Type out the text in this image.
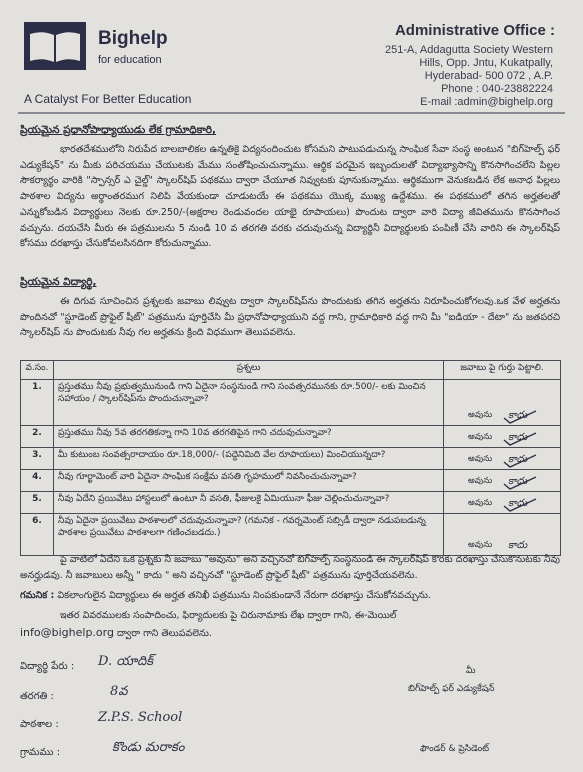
Bighelp
for education
A Catalyst For Better Education
Administrative Office :
251-A, Addagutta Society Western
Hills, Opp. Jntu, Kukatpally,
Hyderabad- 500 072 , A.P.
Phone : 040-23882224
E-mail :admin@bighelp.org
ప్రియమైన ప్రధానోపాధ్యాయుడు లేక గ్రామాధికారి,
భారతదేశములోని నిరుపేద బాలబాలికల ఉన్నతికై విద్యనందించుట కోసమని పాటుపడుచున్న సాంఘిక సేవా సంస్థ అంటున "బిగ్‌హెల్ప్ ఫర్ ఎడ్యుకేషన్" ను మీకు పరిచయము చేయుటకు మేము సంతోషించుచున్నాము. ఆర్థిక పరమైన ఇబ్బందులతో విద్యాభ్యాసాన్ని కొనసాగించలేని పిల్లల సౌకర్యార్థం వారికి "స్పాన్సర్ ఎ చైల్డ్" స్కాలర్‌షిప్ పథకము ద్వారా చేయూత నివ్వుటకు పూనుకున్నాము. ఆర్థికముగా వెనుకబడిన లేక అనాధ పిల్లలు పాఠశాల విద్యను అర్థాంతరముగ నిలిపి వేయకుండా చూడుటయే ఈ పథకము యొక్క ముఖ్య ఉద్దేశము. ఈ పథకములో తగిన అర్హతలతో ఎన్నుకోబడిన విద్యార్థులు నెలకు రూ.250/-(అక్షరాల రెండువందల యాభై రూపాయలు) పొందుట ద్వారా వారి విద్యా జీవితమును కొనసాగించ వచ్చును. దయచేసి మీరు ఈ పత్రములను 5 నుండి 10 వ తరగతి వరకు చదువుచున్న విద్యార్థినీ విద్యార్థులకు పంపిణీ చేసి వారిని ఈ స్కాలర్‌షిప్ కోసము దరఖాస్తు చేసుకోవలసినదిగా కోరుచున్నాము.
ప్రియమైన విద్యార్థి,
ఈ దిగువ సూచించిన ప్రశ్నలకు జవాబు లివ్వుట ద్వారా స్కాలర్‌షిప్‌ను పొందుటకు తగిన అర్హతను నిరూపించుకోగలవు.ఒక వేళ అర్హతను పొందినచో "స్టూడెంట్ ప్రొఫైల్ షీట్" పత్రమును పూర్తిచేసి మీ ప్రధానోపాధ్యాయుని వద్ద గాని, గ్రామాధికారి వద్ద గాని మీ "ఐడియా - దేటా" ను జతపరచి స్కాలర్‌షిప్ ను పొందుటకు నీవు గల అర్హతను క్రింది విధముగా తెలుపవలెను.
వ.సం.	ప్రశ్నలు	జవాబు పై గుర్తు పెట్టాలి.
1.	ప్రస్తుతము నీవు ప్రభుత్వమునుండి గాని ఏదైనా సంస్థనుండి గాని సంవత్సరమునకు రూ.500/- లకు మించిన సహాయం / స్కాలర్‌షిప్‌ను పొందుచున్నావా?	అవును కాదు

2.	ప్రస్తుతము నీవు 5వ తరగతికన్నా గాని 10వ తరగతిపైన గాని చదువుచున్నావా?	అవును కాదు

3.	మీ కుటుంబ సంవత్సరాదాయం రూ.18,000/- (పద్దెనిమిది వేల రూపాయలు) మించియున్నదా?	అవును కాదు

4.	నీవు గూర్ఖామెంట్ వారి ఏదైనా సాంఘిక సంక్షేమ వసతి గృహములో నివసించుచున్నావా?	అవును కాదు

5.	నీవు ఏదేని ప్రయివేటు హాస్టలులో ఉంటూ నీ వసతి, ఫీజులకై ఏమియునా ఫీజు చెల్లించుచున్నావా?	అవును కాదు

6.	నీవు ఏదైనా ప్రయివేటు పాఠశాలలో చదువుచున్నావా? (గమనిక - గవర్నమెంట్ సబ్సిడీ ద్వారా నడుపబడున్న పాఠశాల ప్రయివేటు పాఠశాలగా గణించబడదు.)	అవును కాదు
పై వాటిలో ఏదేని ఒక ప్రశ్నకు నీ జవాబు "అవును" అని వచ్చినచో బిగ్‌హెల్ప్ సంస్థనుండి ఈ స్కాలర్‌షిప్ కొరకు దరఖాస్తు చేసుకొనుటకు నీవు అనర్హుడవు. నీ జవాబులు అన్నీ " కాదు " అని వచ్చినచో "స్టూడెంట్ ప్రొఫైల్ షీట్" పత్రమును పూర్తిచేయవలెను.
గమనిక : వికలాంగులైన విద్యార్థులు ఈ అర్హత తనిఖీ పత్రమును నింపకుండానే నేరుగా దరఖాస్తు చేసుకోనవచ్చును.
ఇతర వివరములకు సంపాదించు, ఫిర్యాదులకు పై చిరునామాకు లేఖ ద్వారా గాని, ఈ-మెయిల్
info@bighelp.org ద్వారా గాని తెలుపవలెను.
విద్యార్థి పేరు : D. యాదిక్
తరగతి :	8వ
పాఠశాల :	Z.P.S. School
గ్రామము :	కొండు మరాకం
మీ
బిగ్‌హెల్ప్ ఫర్ ఎడ్యుకేషన్
ఫౌండర్ & ప్రెసిడెంట్
